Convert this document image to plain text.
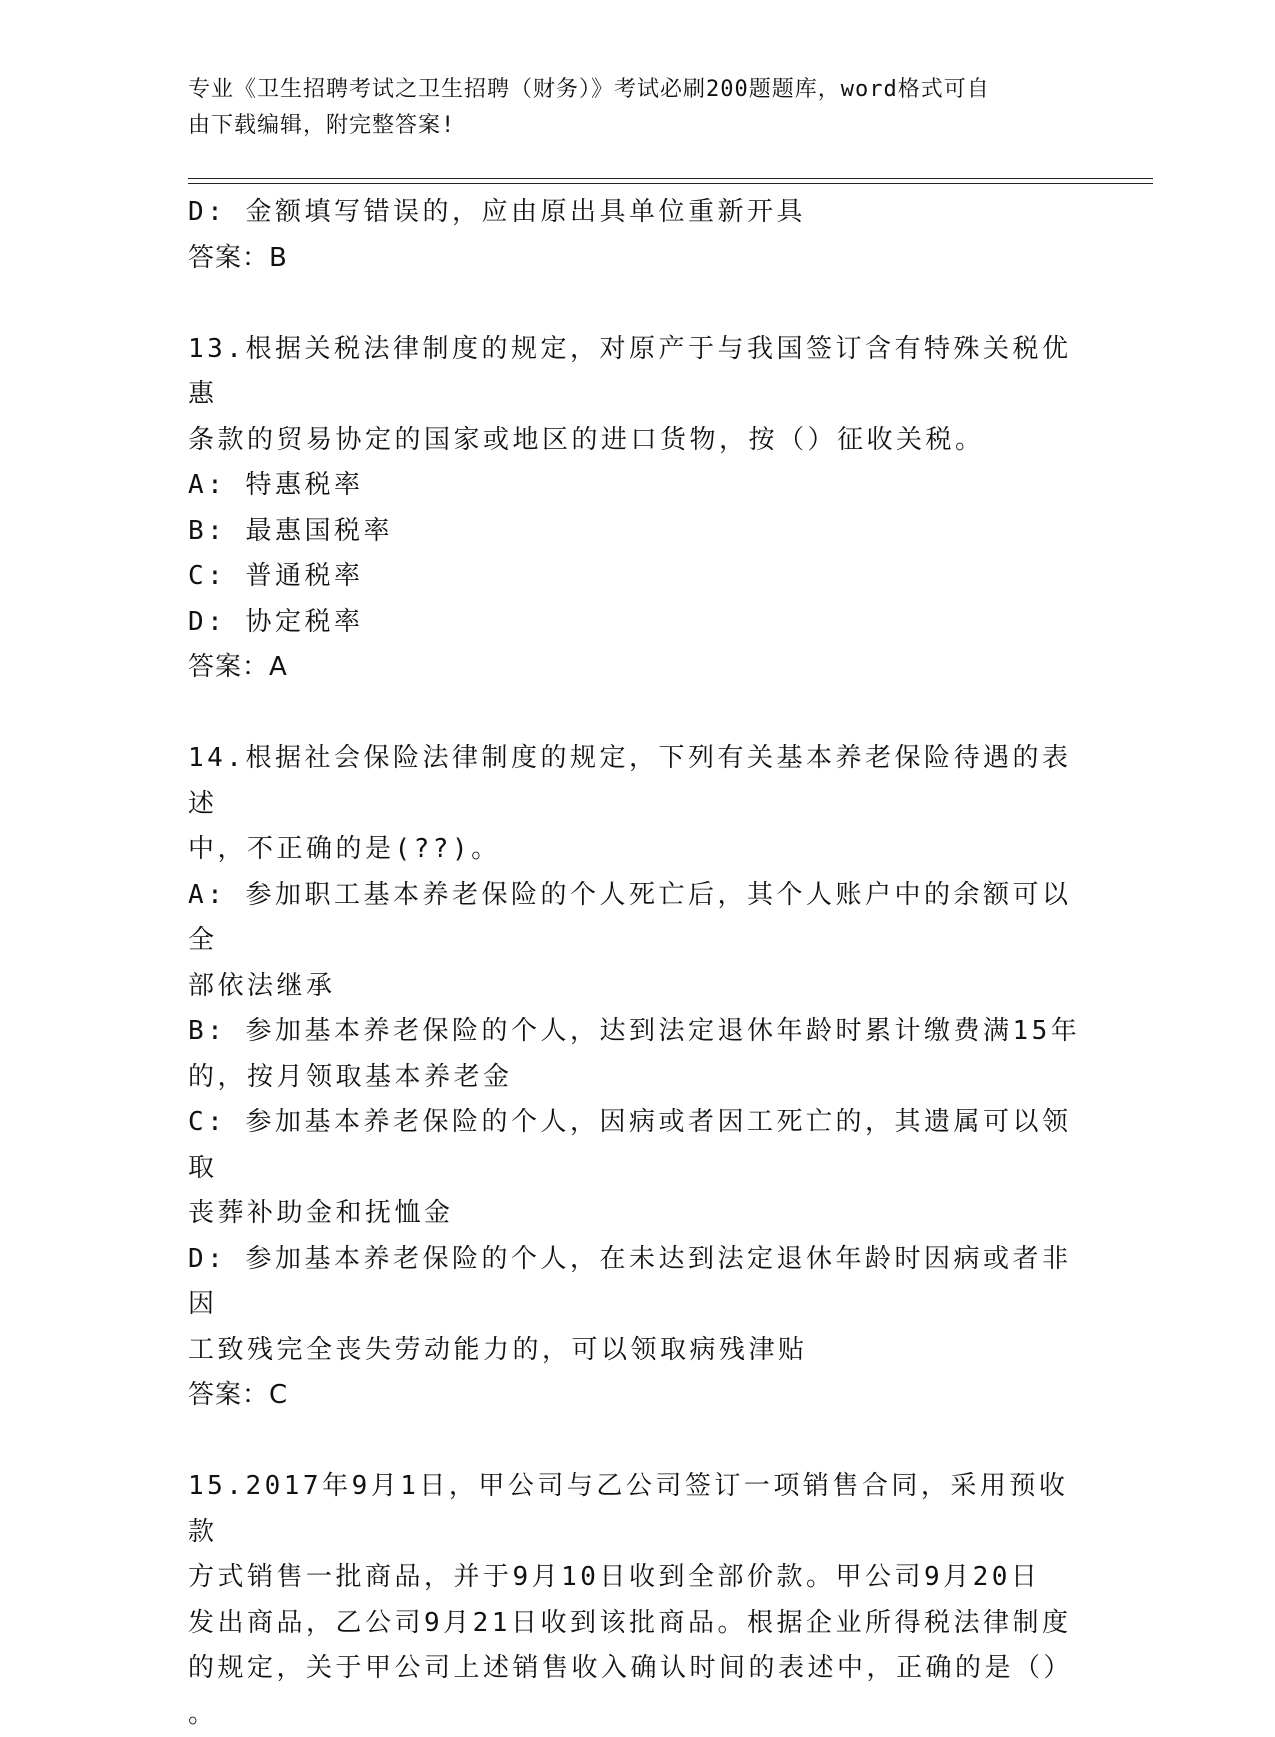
专业《卫生招聘考试之卫生招聘（财务）》考试必刷200题题库，word格式可自
由下载编辑，附完整答案!
D: 金额填写错误的，应由原出具单位重新开具
答案：B
13.根据关税法律制度的规定，对原产于与我国签订含有特殊关税优惠
条款的贸易协定的国家或地区的进口货物，按（）征收关税。
A: 特惠税率
B: 最惠国税率
C: 普通税率
D: 协定税率
答案：A
14.根据社会保险法律制度的规定，下列有关基本养老保险待遇的表述
中，不正确的是(??)。
A: 参加职工基本养老保险的个人死亡后，其个人账户中的余额可以全
部依法继承
B: 参加基本养老保险的个人，达到法定退休年龄时累计缴费满15年
的，按月领取基本养老金
C: 参加基本养老保险的个人，因病或者因工死亡的，其遗属可以领取
丧葬补助金和抚恤金
D: 参加基本养老保险的个人，在未达到法定退休年龄时因病或者非因
工致残完全丧失劳动能力的，可以领取病残津贴
答案：C
15.2017年9月1日，甲公司与乙公司签订一项销售合同，采用预收款
方式销售一批商品，并于9月10日收到全部价款。甲公司9月20日
发出商品，乙公司9月21日收到该批商品。根据企业所得税法律制度
的规定，关于甲公司上述销售收入确认时间的表述中，正确的是（）
。
